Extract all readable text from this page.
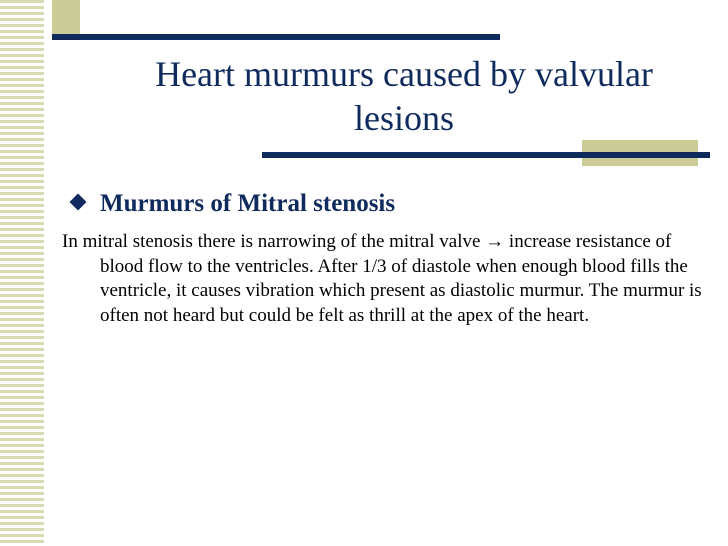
Heart murmurs caused by valvular lesions
Murmurs of Mitral stenosis
In mitral stenosis there is narrowing of the mitral valve → increase resistance of blood flow to the ventricles. After 1/3 of diastole when enough blood fills the ventricle, it causes vibration which present as diastolic murmur. The murmur is often not heard but could be felt as thrill at the apex of the heart.
